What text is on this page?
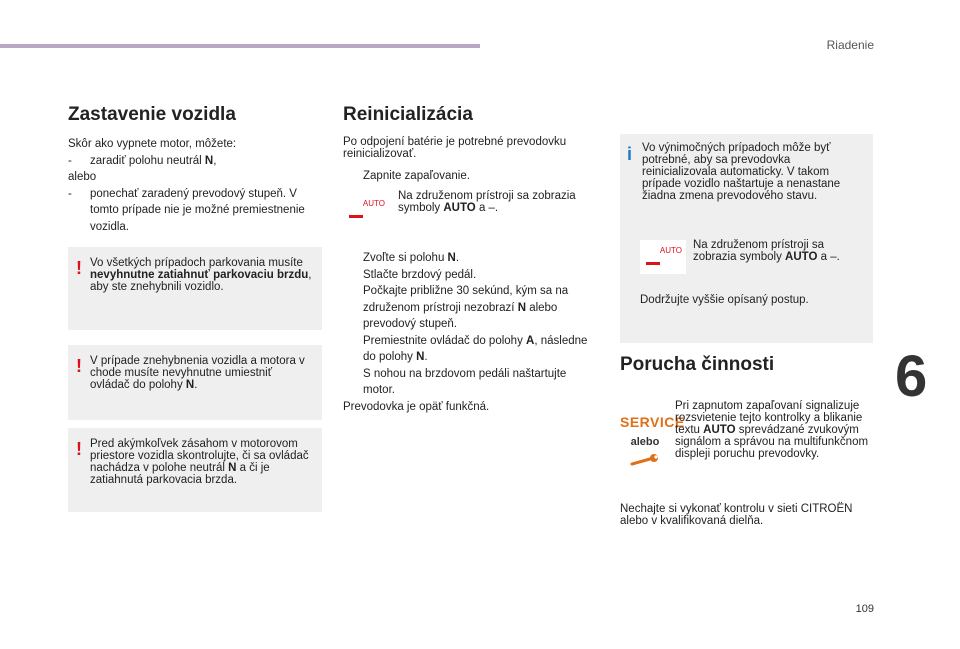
Riadenie
Zastavenie vozidla

Skôr ako vypnete motor, môžete:

-	zaradiť polohu neutrál N,

alebo

-	ponechať zaradený prevodový stupeň. V tomto prípade nie je možné premiestnenie vozidla.
! Vo všetkých prípadoch parkovania musíte nevyhnutne zatiahnuť parkovaciu brzdu, aby ste znehybnili vozidlo.
! V prípade znehybnenia vozidla a motora v chode musíte nevyhnutne umiestniť ovládač do polohy N.
! Pred akýmkoľvek zásahom v motorovom priestore vozidla skontrolujte, či sa ovládač nachádza v polohe neutrál N a či je zatiahnutá parkovacia brzda.
Reinicializácia
Po odpojení batérie je potrebné prevodovku reinicializovať.
Zapnite zapaľovanie.
AUTO
Na združenom prístroji sa zobrazia symboly AUTO a –.
Zvoľte si polohu N.
Stlačte brzdový pedál.
Počkajte približne 30 sekúnd, kým sa na združenom prístroji nezobrazí N alebo prevodový stupeň.
Premiestnite ovládač do polohy A, následne do polohy N.
S nohou na brzdovom pedáli naštartujte motor.
Prevodovka je opäť funkčná.
i Vo výnimočných prípadoch môže byť potrebné, aby sa prevodovka reinicializovala automaticky. V takom prípade vozidlo naštartuje a nenastane žiadna zmena prevodového stavu.
AUTO Na združenom prístroji sa zobrazia symboly AUTO a –.
Dodržujte vyššie opísaný postup.
Porucha činnosti
SERVICE
alebo
Pri zapnutom zapaľovaní signalizuje rozsvietenie tejto kontrolky a blikanie textu AUTO sprevádzané zvukovým signálom a správou na multifunkčnom displeji poruchu prevodovky.
Nechajte si vykonať kontrolu v sieti CITROËN alebo v kvalifikovaná dielňa.
6
109
